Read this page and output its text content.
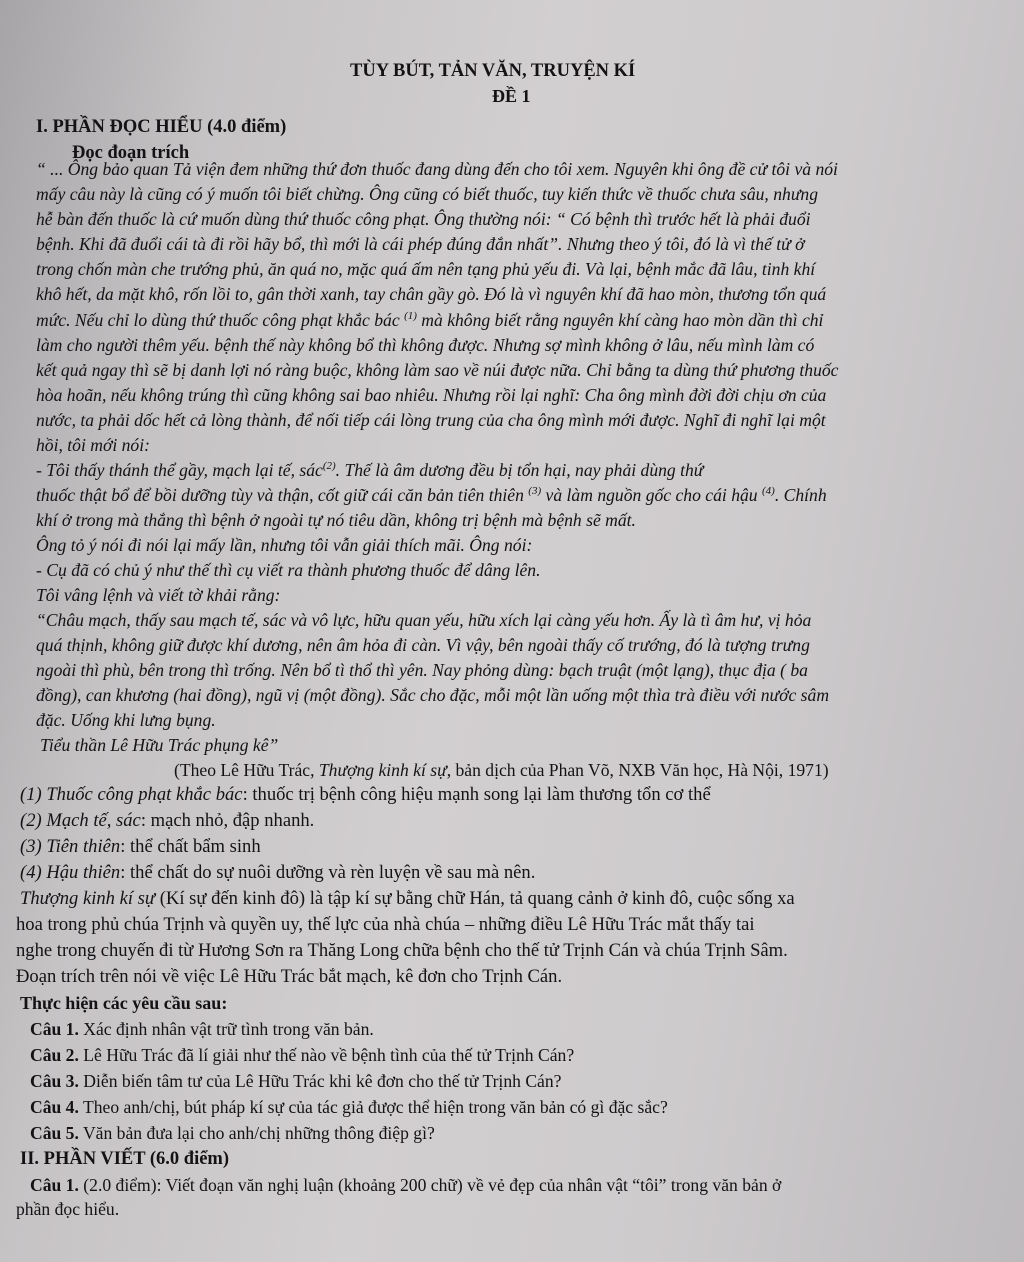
TÙY BÚT, TẢN VĂN, TRUYỆN KÍ
ĐỀ 1
I. PHẦN ĐỌC HIỂU (4.0 điểm)
Đọc đoạn trích
“ ... Ông bảo quan Tả viện đem những thứ đơn thuốc đang dùng đến cho tôi xem. Nguyên khi ông đề cử tôi và nói
mấy câu này là cũng có ý muốn tôi biết chừng. Ông cũng có biết thuốc, tuy kiến thức về thuốc chưa sâu, nhưng
hễ bàn đến thuốc là cứ muốn dùng thứ thuốc công phạt. Ông thường nói: “ Có bệnh thì trước hết là phải đuổi
bệnh. Khi đã đuổi cái tà đi rồi hãy bổ, thì mới là cái phép đúng đắn nhất”. Nhưng theo ý tôi, đó là vì thế tử ở
trong chốn màn che trướng phủ, ăn quá no, mặc quá ấm nên tạng phủ yếu đi. Và lại, bệnh mắc đã lâu, tinh khí
khô hết, da mặt khô, rốn lồi to, gân thời xanh, tay chân gầy gò. Đó là vì nguyên khí đã hao mòn, thương tổn quá
mức. Nếu chỉ lo dùng thứ thuốc công phạt khắc bác $^{(1)}$ mà không biết rằng nguyên khí càng hao mòn dần thì chỉ
làm cho người thêm yếu. bệnh thế này không bổ thì không được. Nhưng sợ mình không ở lâu, nếu mình làm có
kết quả ngay thì sẽ bị danh lợi nó ràng buộc, không làm sao về núi được nữa. Chỉ bằng ta dùng thứ phương thuốc
hòa hoãn, nếu không trúng thì cũng không sai bao nhiêu. Nhưng rồi lại nghĩ: Cha ông mình đời đời chịu ơn của
nước, ta phải dốc hết cả lòng thành, để nối tiếp cái lòng trung của cha ông mình mới được. Nghĩ đi nghĩ lại một
hồi, tôi mới nói:
- Tôi thấy thánh thể gầy, mạch lại tế, sác$^{(2)}$. Thế là âm dương đều bị tổn hại, nay phải dùng thứ
thuốc thật bổ để bồi dưỡng tùy và thận, cốt giữ cái căn bản tiên thiên $^{(3)}$ và làm nguồn gốc cho cái hậu $^{(4)}$. Chính
khí ở trong mà thắng thì bệnh ở ngoài tự nó tiêu dần, không trị bệnh mà bệnh sẽ mất.
Ông tỏ ý nói đi nói lại mấy lần, nhưng tôi vẫn giải thích mãi. Ông nói:
- Cụ đã có chủ ý như thế thì cụ viết ra thành phương thuốc để dâng lên.
Tôi vâng lệnh và viết tờ khải rằng:
“Châu mạch, thấy sau mạch tế, sác và vô lực, hữu quan yếu, hữu xích lại càng yếu hơn. Ấy là tì âm hư, vị hỏa
quá thịnh, không giữ được khí dương, nên âm hỏa đi càn. Vì vậy, bên ngoài thấy cố trướng, đó là tượng trưng
ngoài thì phù, bên trong thì trống. Nên bổ tì thổ thì yên. Nay phỏng dùng: bạch truật (một lạng), thục địa ( ba
đồng), can khương (hai đồng), ngũ vị (một đồng). Sắc cho đặc, mỗi một lần uống một thìa trà điều với nước sâm
đặc. Uống khi lưng bụng.
Tiểu thần Lê Hữu Trác phụng kê”
(Theo Lê Hữu Trác, Thượng kinh kí sự, bản dịch của Phan Võ, NXB Văn học, Hà Nội, 1971)
(1) Thuốc công phạt khắc bác: thuốc trị bệnh công hiệu mạnh song lại làm thương tổn cơ thể
(2) Mạch tế, sác: mạch nhỏ, đập nhanh.
(3) Tiên thiên: thể chất bẩm sinh
(4) Hậu thiên: thể chất do sự nuôi dưỡng và rèn luyện về sau mà nên.
Thượng kinh kí sự (Kí sự đến kinh đô) là tập kí sự bằng chữ Hán, tả quang cảnh ở kinh đô, cuộc sống xa
hoa trong phủ chúa Trịnh và quyền uy, thế lực của nhà chúa – những điều Lê Hữu Trác mắt thấy tai
nghe trong chuyến đi từ Hương Sơn ra Thăng Long chữa bệnh cho thế tử Trịnh Cán và chúa Trịnh Sâm.
Đoạn trích trên nói về việc Lê Hữu Trác bắt mạch, kê đơn cho Trịnh Cán.
Thực hiện các yêu cầu sau:
Câu 1. Xác định nhân vật trữ tình trong văn bản.
Câu 2. Lê Hữu Trác đã lí giải như thế nào về bệnh tình của thế tử Trịnh Cán?
Câu 3. Diễn biến tâm tư của Lê Hữu Trác khi kê đơn cho thế tử Trịnh Cán?
Câu 4. Theo anh/chị, bút pháp kí sự của tác giả được thể hiện trong văn bản có gì đặc sắc?
Câu 5. Văn bản đưa lại cho anh/chị những thông điệp gì?
II. PHẦN VIẾT (6.0 điểm)
Câu 1. (2.0 điểm): Viết đoạn văn nghị luận (khoảng 200 chữ) về vẻ đẹp của nhân vật “tôi” trong văn bản ở
phần đọc hiểu.
